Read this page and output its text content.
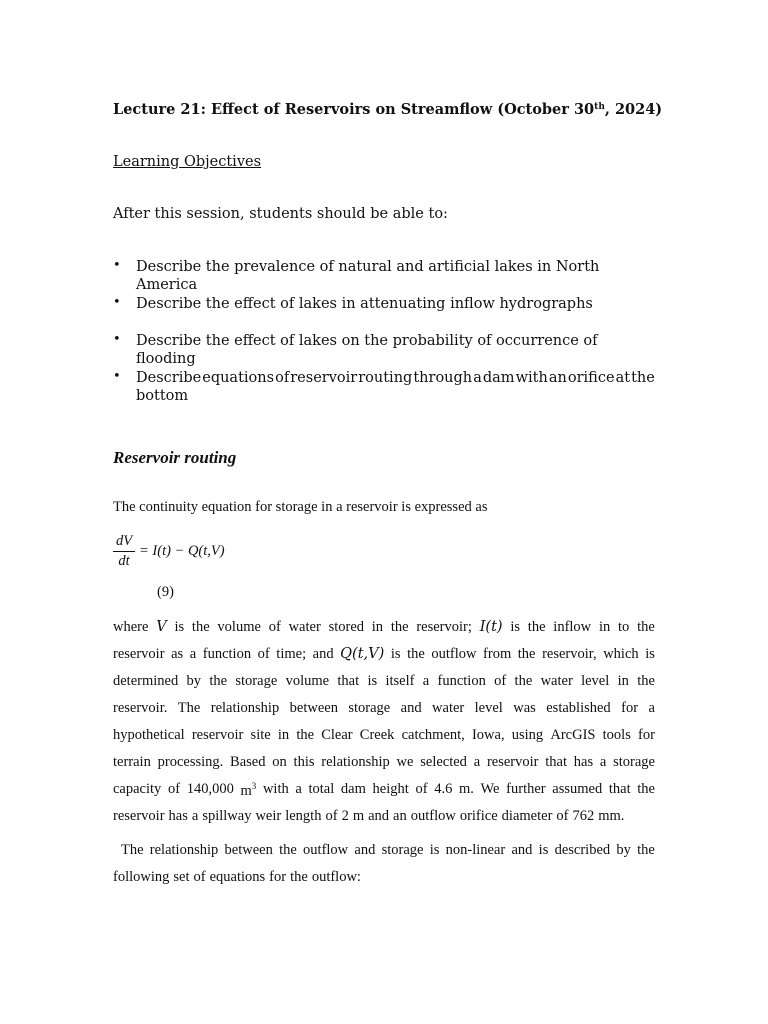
Lecture 21: Effect of Reservoirs on Streamflow (October 30th, 2024)
Learning Objectives
After this session, students should be able to:
• Describe the prevalence of natural and artificial lakes in North America
• Describe the effect of lakes in attenuating inflow hydrographs
• Describe the effect of lakes on the probability of occurrence of flooding
• Describe equations of reservoir routing through a dam with an orifice at the
bottom
Reservoir routing
The continuity equation for storage in a reservoir is expressed as
dV
dt
= I(t) − Q(t,V)
(9)
where V is the volume of water stored in the reservoir; I(t) is the inflow in to the
reservoir as a function of time; and Q(t,V) is the outflow from the reservoir, which is
determined by the storage volume that is itself a function of the water level in the
reservoir. The relationship between storage and water level was established for a
hypothetical reservoir site in the Clear Creek catchment, Iowa, using ArcGIS tools for
terrain processing. Based on this relationship we selected a reservoir that has a storage
capacity of 140,000 $m^3$ with a total dam height of 4.6 m. We further assumed that the
reservoir has a spillway weir length of 2 m and an outflow orifice diameter of 762 mm.
The relationship between the outflow and storage is non-linear and is described by the
following set of equations for the outflow:
